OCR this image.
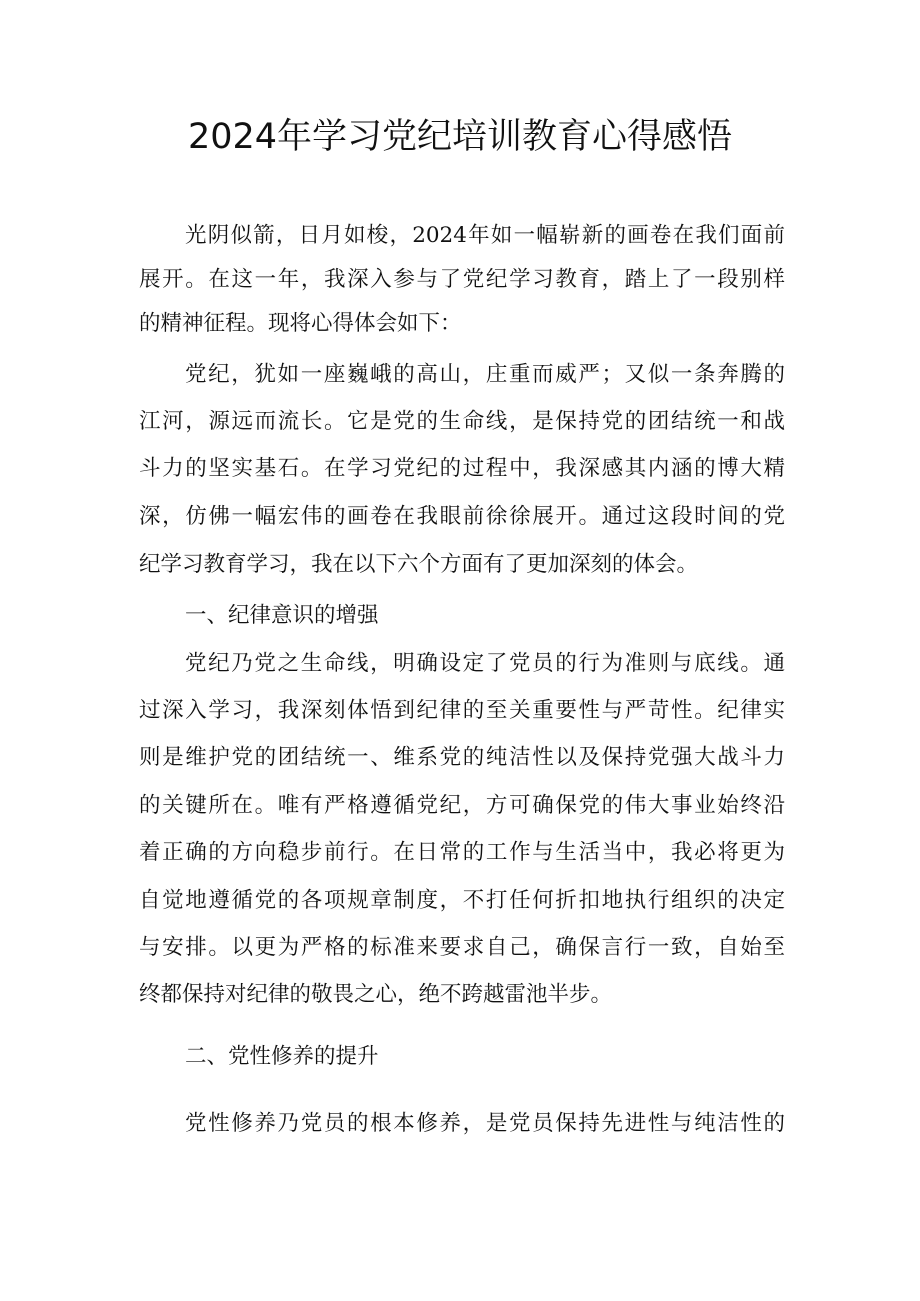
2024年学习党纪培训教育心得感悟

光阴似箭，日月如梭，2024年如一幅崭新的画卷在我们面前

展开。在这一年，我深入参与了党纪学习教育，踏上了一段别样

的精神征程。现将心得体会如下：

党纪，犹如一座巍峨的高山，庄重而威严；又似一条奔腾的

江河，源远而流长。它是党的生命线，是保持党的团结统一和战

斗力的坚实基石。在学习党纪的过程中，我深感其内涵的博大精

深，仿佛一幅宏伟的画卷在我眼前徐徐展开。通过这段时间的党

纪学习教育学习，我在以下六个方面有了更加深刻的体会。

一、纪律意识的增强

党纪乃党之生命线，明确设定了党员的行为准则与底线。通

过深入学习，我深刻体悟到纪律的至关重要性与严苛性。纪律实

则是维护党的团结统一、维系党的纯洁性以及保持党强大战斗力

的关键所在。唯有严格遵循党纪，方可确保党的伟大事业始终沿

着正确的方向稳步前行。在日常的工作与生活当中，我必将更为

自觉地遵循党的各项规章制度，不打任何折扣地执行组织的决定

与安排。以更为严格的标准来要求自己，确保言行一致，自始至

终都保持对纪律的敬畏之心，绝不跨越雷池半步。

二、党性修养的提升

党性修养乃党员的根本修养，是党员保持先进性与纯洁性的
